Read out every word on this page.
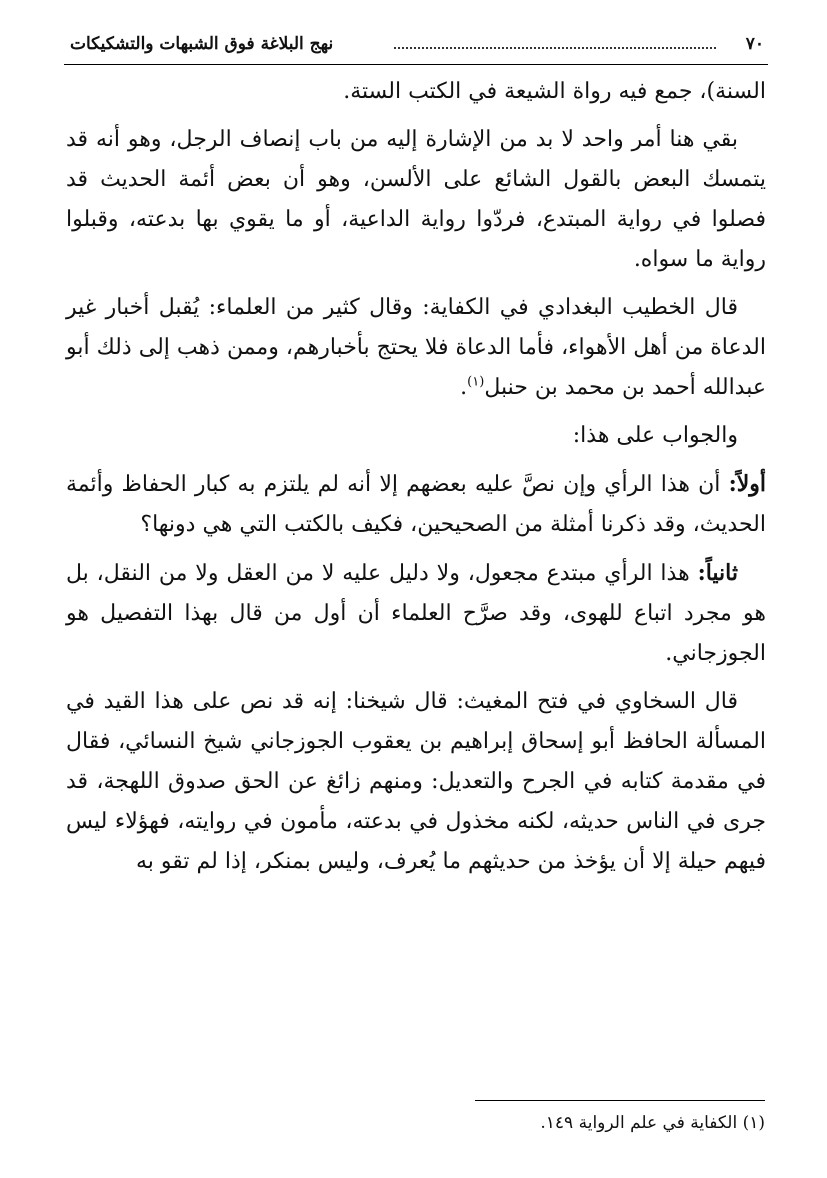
٧٠
نهج البلاغة فوق الشبهات والتشكيكات

السنة)، جمع فيه رواة الشيعة في الكتب الستة.

بقي هنا أمر واحد لا بد من الإشارة إليه من باب إنصاف الرجل، وهو أنه قد يتمسك البعض بالقول الشائع على الألسن، وهو أن بعض أئمة الحديث قد فصلوا في رواية المبتدع، فردّوا رواية الداعية، أو ما يقوي بها بدعته، وقبلوا رواية ما سواه.

قال الخطيب البغدادي في الكفاية: وقال كثير من العلماء: يُقبل أخبار غير الدعاة من أهل الأهواء، فأما الدعاة فلا يحتج بأخبارهم، وممن ذهب إلى ذلك أبو عبدالله أحمد بن محمد بن حنبل$^{(١)}$.

والجواب على هذا:

أولاً: أن هذا الرأي وإن نصَّ عليه بعضهم إلا أنه لم يلتزم به كبار الحفاظ وأئمة الحديث، وقد ذكرنا أمثلة من الصحيحين، فكيف بالكتب التي هي دونها؟

ثانياً: هذا الرأي مبتدع مجعول، ولا دليل عليه لا من العقل ولا من النقل، بل هو مجرد اتباع للهوى، وقد صرَّح العلماء أن أول من قال بهذا التفصيل هو الجوزجاني.

قال السخاوي في فتح المغيث: قال شيخنا: إنه قد نص على هذا القيد في المسألة الحافظ أبو إسحاق إبراهيم بن يعقوب الجوزجاني شيخ النسائي، فقال في مقدمة كتابه في الجرح والتعديل: ومنهم زائغ عن الحق صدوق اللهجة، قد جرى في الناس حديثه، لكنه مخذول في بدعته، مأمون في روايته، فهؤلاء ليس فيهم حيلة إلا أن يؤخذ من حديثهم ما يُعرف، وليس بمنكر، إذا لم تقو به

(١) الكفاية في علم الرواية ١٤٩.
